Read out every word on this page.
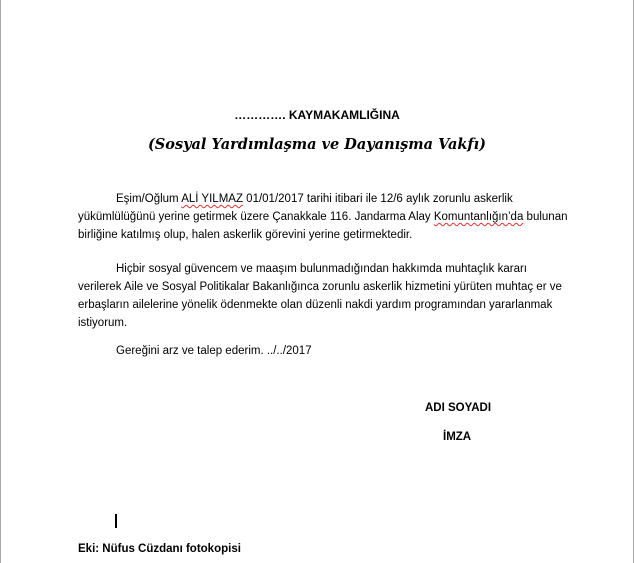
…………. KAYMAKAMLIĞINA
(Sosyal Yardımlaşma ve Dayanışma Vakfı)

Eşim/Oğlum ALİ YILMAZ 01/01/2017 tarihi itibari ile 12/6 aylık zorunlu askerlik yükümlülüğünü yerine getirmek üzere Çanakkale 116. Jandarma Alay Komuntanlığın’da bulunan birliğine katılmış olup, halen askerlik görevini yerine getirmektedir.

Hiçbir sosyal güvencem ve maaşım bulunmadığından hakkımda muhtaçlık kararı verilerek Aile ve Sosyal Politikalar Bakanlığınca zorunlu askerlik hizmetini yürüten muhtaç er ve erbaşların ailelerine yönelik ödenmekte olan düzenli nakdi yardım programından yararlanmak istiyorum.

Gereğini arz ve talep ederim. ../../2017

ADI SOYADI
İMZA
Eki: Nüfus Cüzdanı fotokopisi
